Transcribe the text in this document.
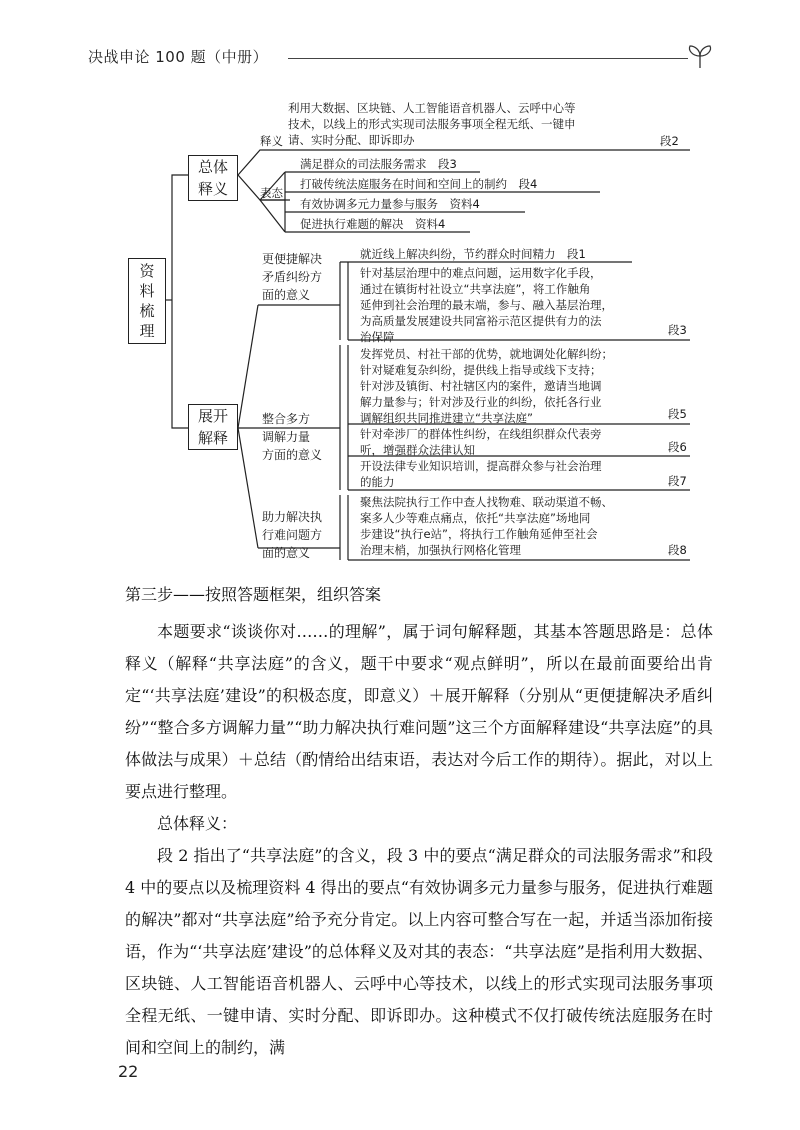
决战申论 100 题（中册）
资
料
梳
理
总体
释义
展开
解释
利用大数据、区块链、人工智能语音机器人、云呼中心等
技术，以线上的形式实现司法服务事项全程无纸、一键申
请、实时分配、即诉即办
释义	段2
表态
满足群众的司法服务需求　段3
打破传统法庭服务在时间和空间上的制约　段4
有效协调多元力量参与服务　资料4
促进执行难题的解决　资料4
更便捷解决
矛盾纠纷方
面的意义
就近线上解决纠纷，节约群众时间精力　段1
针对基层治理中的难点问题，运用数字化手段，
通过在镇街村社设立“共享法庭”，将工作触角
延伸到社会治理的最末端，参与、融入基层治理，
为高质量发展建设共同富裕示范区提供有力的法
治保障	段3
整合多方
调解力量
方面的意义
发挥党员、村社干部的优势，就地调处化解纠纷；
针对疑难复杂纠纷，提供线上指导或线下支持；
针对涉及镇街、村社辖区内的案件，邀请当地调
解力量参与；针对涉及行业的纠纷，依托各行业
调解组织共同推进建立“共享法庭”	段5
针对牵涉厂的群体性纠纷，在线组织群众代表旁
听，增强群众法律认知	段6
开设法律专业知识培训，提高群众参与社会治理
的能力	段7
助力解决执
行难问题方
面的意义
聚焦法院执行工作中查人找物难、联动渠道不畅、
案多人少等难点痛点，依托“共享法庭”场地同
步建设“执行e站”，将执行工作触角延伸至社会
治理末梢，加强执行网格化管理	段8
第三步——按照答题框架，组织答案
本题要求“谈谈你对……的理解”，属于词句解释题，其基本答题思路是：总体释义（解释“共享法庭”的含义，题干中要求“观点鲜明”，所以在最前面要给出肯定“‘共享法庭’建设”的积极态度，即意义）＋展开解释（分别从“更便捷解决矛盾纠纷”“整合多方调解力量”“助力解决执行难问题”这三个方面解释建设“共享法庭”的具体做法与成果）＋总结（酌情给出结束语，表达对今后工作的期待）。据此，对以上要点进行整理。
总体释义：
段 2 指出了“共享法庭”的含义，段 3 中的要点“满足群众的司法服务需求”和段 4 中的要点以及梳理资料 4 得出的要点“有效协调多元力量参与服务，促进执行难题的解决”都对“共享法庭”给予充分肯定。以上内容可整合写在一起，并适当添加衔接语，作为“‘共享法庭’建设”的总体释义及对其的表态：“共享法庭”是指利用大数据、区块链、人工智能语音机器人、云呼中心等技术，以线上的形式实现司法服务事项全程无纸、一键申请、实时分配、即诉即办。这种模式不仅打破传统法庭服务在时间和空间上的制约，满
22
